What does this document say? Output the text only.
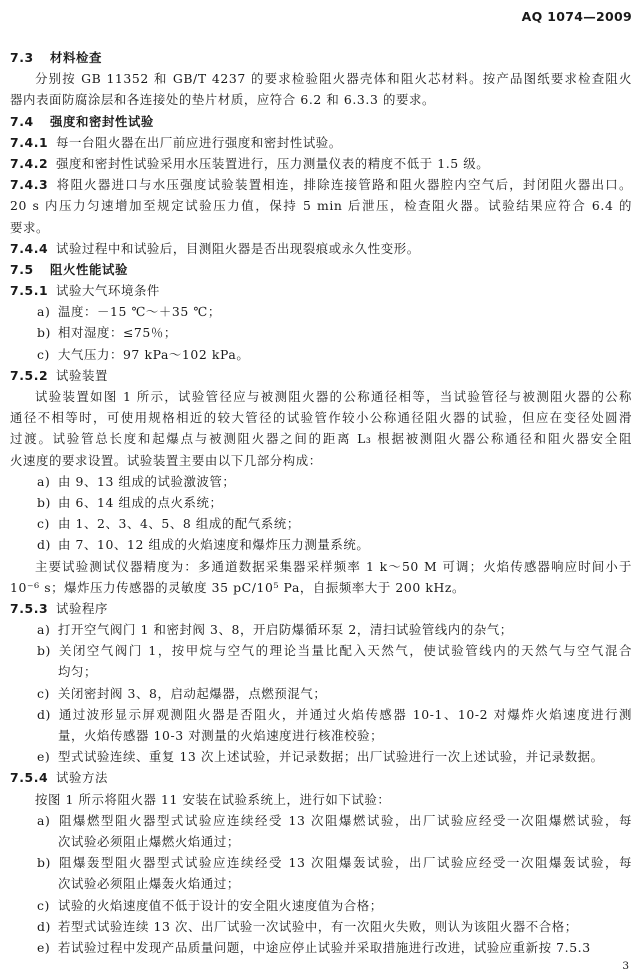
AQ 1074—2009
7.3 材料检查
分别按 GB 11352 和 GB/T 4237 的要求检验阻火器壳体和阻火芯材料。按产品图纸要求检查阻火
器内表面防腐涂层和各连接处的垫片材质，应符合 6.2 和 6.3.3 的要求。
7.4 强度和密封性试验
7.4.1 每一台阻火器在出厂前应进行强度和密封性试验。
7.4.2 强度和密封性试验采用水压装置进行，压力测量仪表的精度不低于 1.5 级。
7.4.3 将阻火器进口与水压强度试验装置相连，排除连接管路和阻火器腔内空气后，封闭阻火器出口。
20 s 内压力匀速增加至规定试验压力值，保持 5 min 后泄压，检查阻火器。试验结果应符合 6.4 的
要求。
7.4.4 试验过程中和试验后，目测阻火器是否出现裂痕或永久性变形。
7.5 阻火性能试验
7.5.1 试验大气环境条件
a) 温度：－15 ℃～＋35 ℃；
b) 相对湿度：≤75％；
c) 大气压力：97 kPa～102 kPa。
7.5.2 试验装置
试验装置如图 1 所示，试验管径应与被测阻火器的公称通径相等，当试验管径与被测阻火器的公称
通径不相等时，可使用规格相近的较大管径的试验管作较小公称通径阻火器的试验，但应在变径处圆滑
过渡。试验管总长度和起爆点与被测阻火器之间的距离 L₃ 根据被测阻火器公称通径和阻火器安全阻
火速度的要求设置。试验装置主要由以下几部分构成：
a) 由 9、13 组成的试验激波管；
b) 由 6、14 组成的点火系统；
c) 由 1、2、3、4、5、8 组成的配气系统；
d) 由 7、10、12 组成的火焰速度和爆炸压力测量系统。
主要试验测试仪器精度为：多通道数据采集器采样频率 1 k～50 M 可调；火焰传感器响应时间小于
10⁻⁶ s；爆炸压力传感器的灵敏度 35 pC/10⁵ Pa，自振频率大于 200 kHz。
7.5.3 试验程序
a) 打开空气阀门 1 和密封阀 3、8，开启防爆循环泵 2，清扫试验管线内的杂气；
b) 关闭空气阀门 1，按甲烷与空气的理论当量比配入天然气，使试验管线内的天然气与空气混合
均匀；
c) 关闭密封阀 3、8，启动起爆器，点燃预混气；
d) 通过波形显示屏观测阻火器是否阻火，并通过火焰传感器 10-1、10-2 对爆炸火焰速度进行测
量，火焰传感器 10-3 对测量的火焰速度进行核准校验；
e) 型式试验连续、重复 13 次上述试验，并记录数据；出厂试验进行一次上述试验，并记录数据。
7.5.4 试验方法
按图 1 所示将阻火器 11 安装在试验系统上，进行如下试验：
a) 阻爆燃型阻火器型式试验应连续经受 13 次阻爆燃试验，出厂试验应经受一次阻爆燃试验，每
次试验必须阻止爆燃火焰通过；
b) 阻爆轰型阻火器型式试验应连续经受 13 次阻爆轰试验，出厂试验应经受一次阻爆轰试验，每
次试验必须阻止爆轰火焰通过；
c) 试验的火焰速度值不低于设计的安全阻火速度值为合格；
d) 若型式试验连续 13 次、出厂试验一次试验中，有一次阻火失败，则认为该阻火器不合格；
e) 若试验过程中发现产品质量问题，中途应停止试验并采取措施进行改进，试验应重新按 7.5.3
3
